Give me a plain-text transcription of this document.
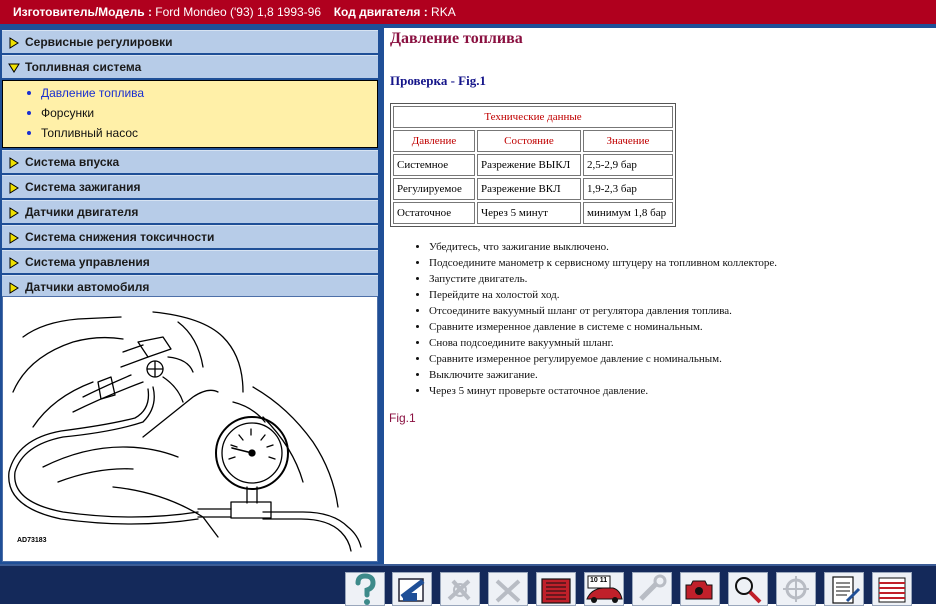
Изготовитель/Модель : Ford Mondeo ('93) 1,8 1993-96 Код двигателя : RKA
Сервисные регулировки
Топливная система
Давление топлива
Форсунки
Топливный насос
Система впуска
Система зажигания
Датчики двигателя
Система снижения токсичности
Система управления
Датчики автомобиля
AD73183
Давление топлива
Проверка - Fig.1
Технические данные		
Давление	Состояние	Значение
Системное	Разрежение ВЫКЛ	2,5-2,9 бар
Регулируемое	Разрежение ВКЛ	1,9-2,3 бар
Остаточное	Через 5 минут	минимум 1,8 бар
• Убедитесь, что зажигание выключено.
• Подсоедините манометр к сервисному штуцеру на топливном коллекторе.
• Запустите двигатель.
• Перейдите на холостой ход.
• Отсоедините вакуумный шланг от регулятора давления топлива.
• Сравните измеренное давление в системе с номинальным.
• Снова подсоедините вакуумный шланг.
• Сравните измеренное регулируемое давление с номинальным.
• Выключите зажигание.
• Через 5 минут проверьте остаточное давление.
Fig.1
10 11
